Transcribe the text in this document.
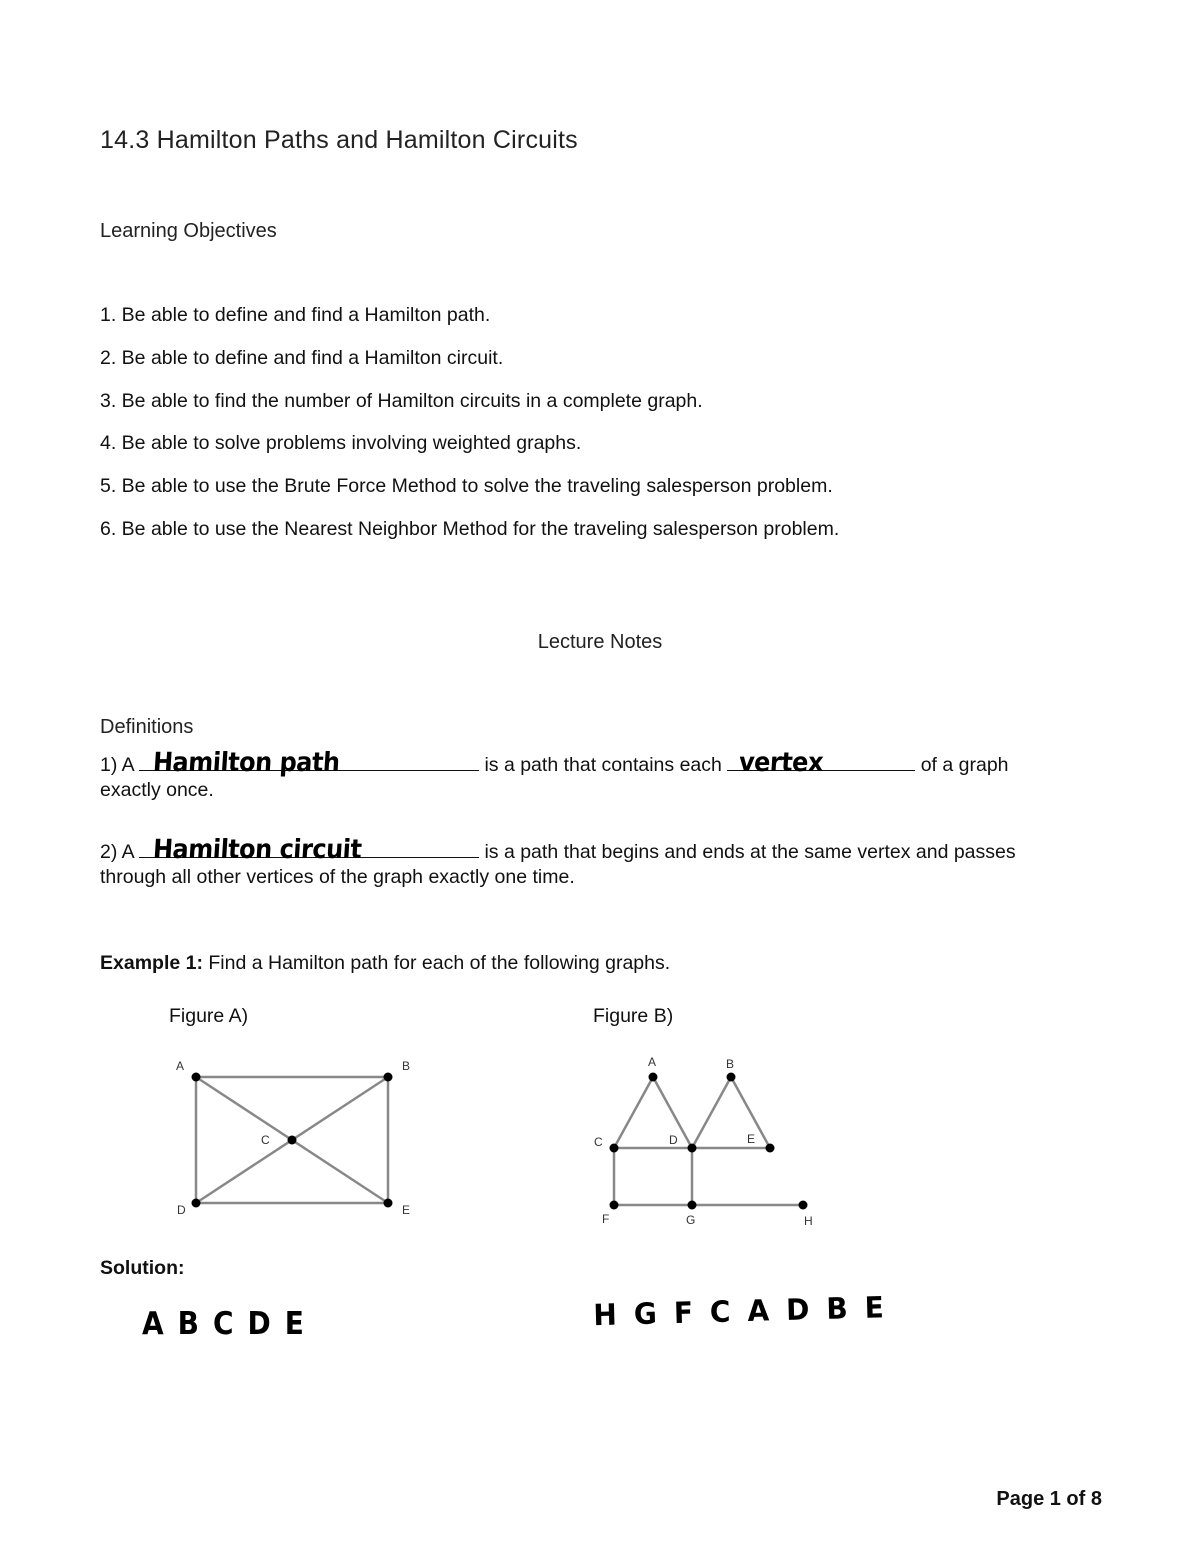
14.3 Hamilton Paths and Hamilton Circuits
Learning Objectives
1. Be able to define and find a Hamilton path.
2. Be able to define and find a Hamilton circuit.
3. Be able to find the number of Hamilton circuits in a complete graph.
4. Be able to solve problems involving weighted graphs.
5. Be able to use the Brute Force Method to solve the traveling salesperson problem.
6. Be able to use the Nearest Neighbor Method for the traveling salesperson problem.
Lecture Notes
Definitions
1) A Hamilton path	is a path that contains each vertex	of a graph
exactly once.
2) A Hamilton circuit	is a path that begins and ends at the same vertex and passes
through all other vertices of the graph exactly one time.
Example 1: Find a Hamilton path for each of the following graphs.
Figure A)	Figure B)
A	B
C
D	E
A	B
C	D	E
F	G	H
Solution:
ABCDE	HGFCADBE
Page 1 of 8
